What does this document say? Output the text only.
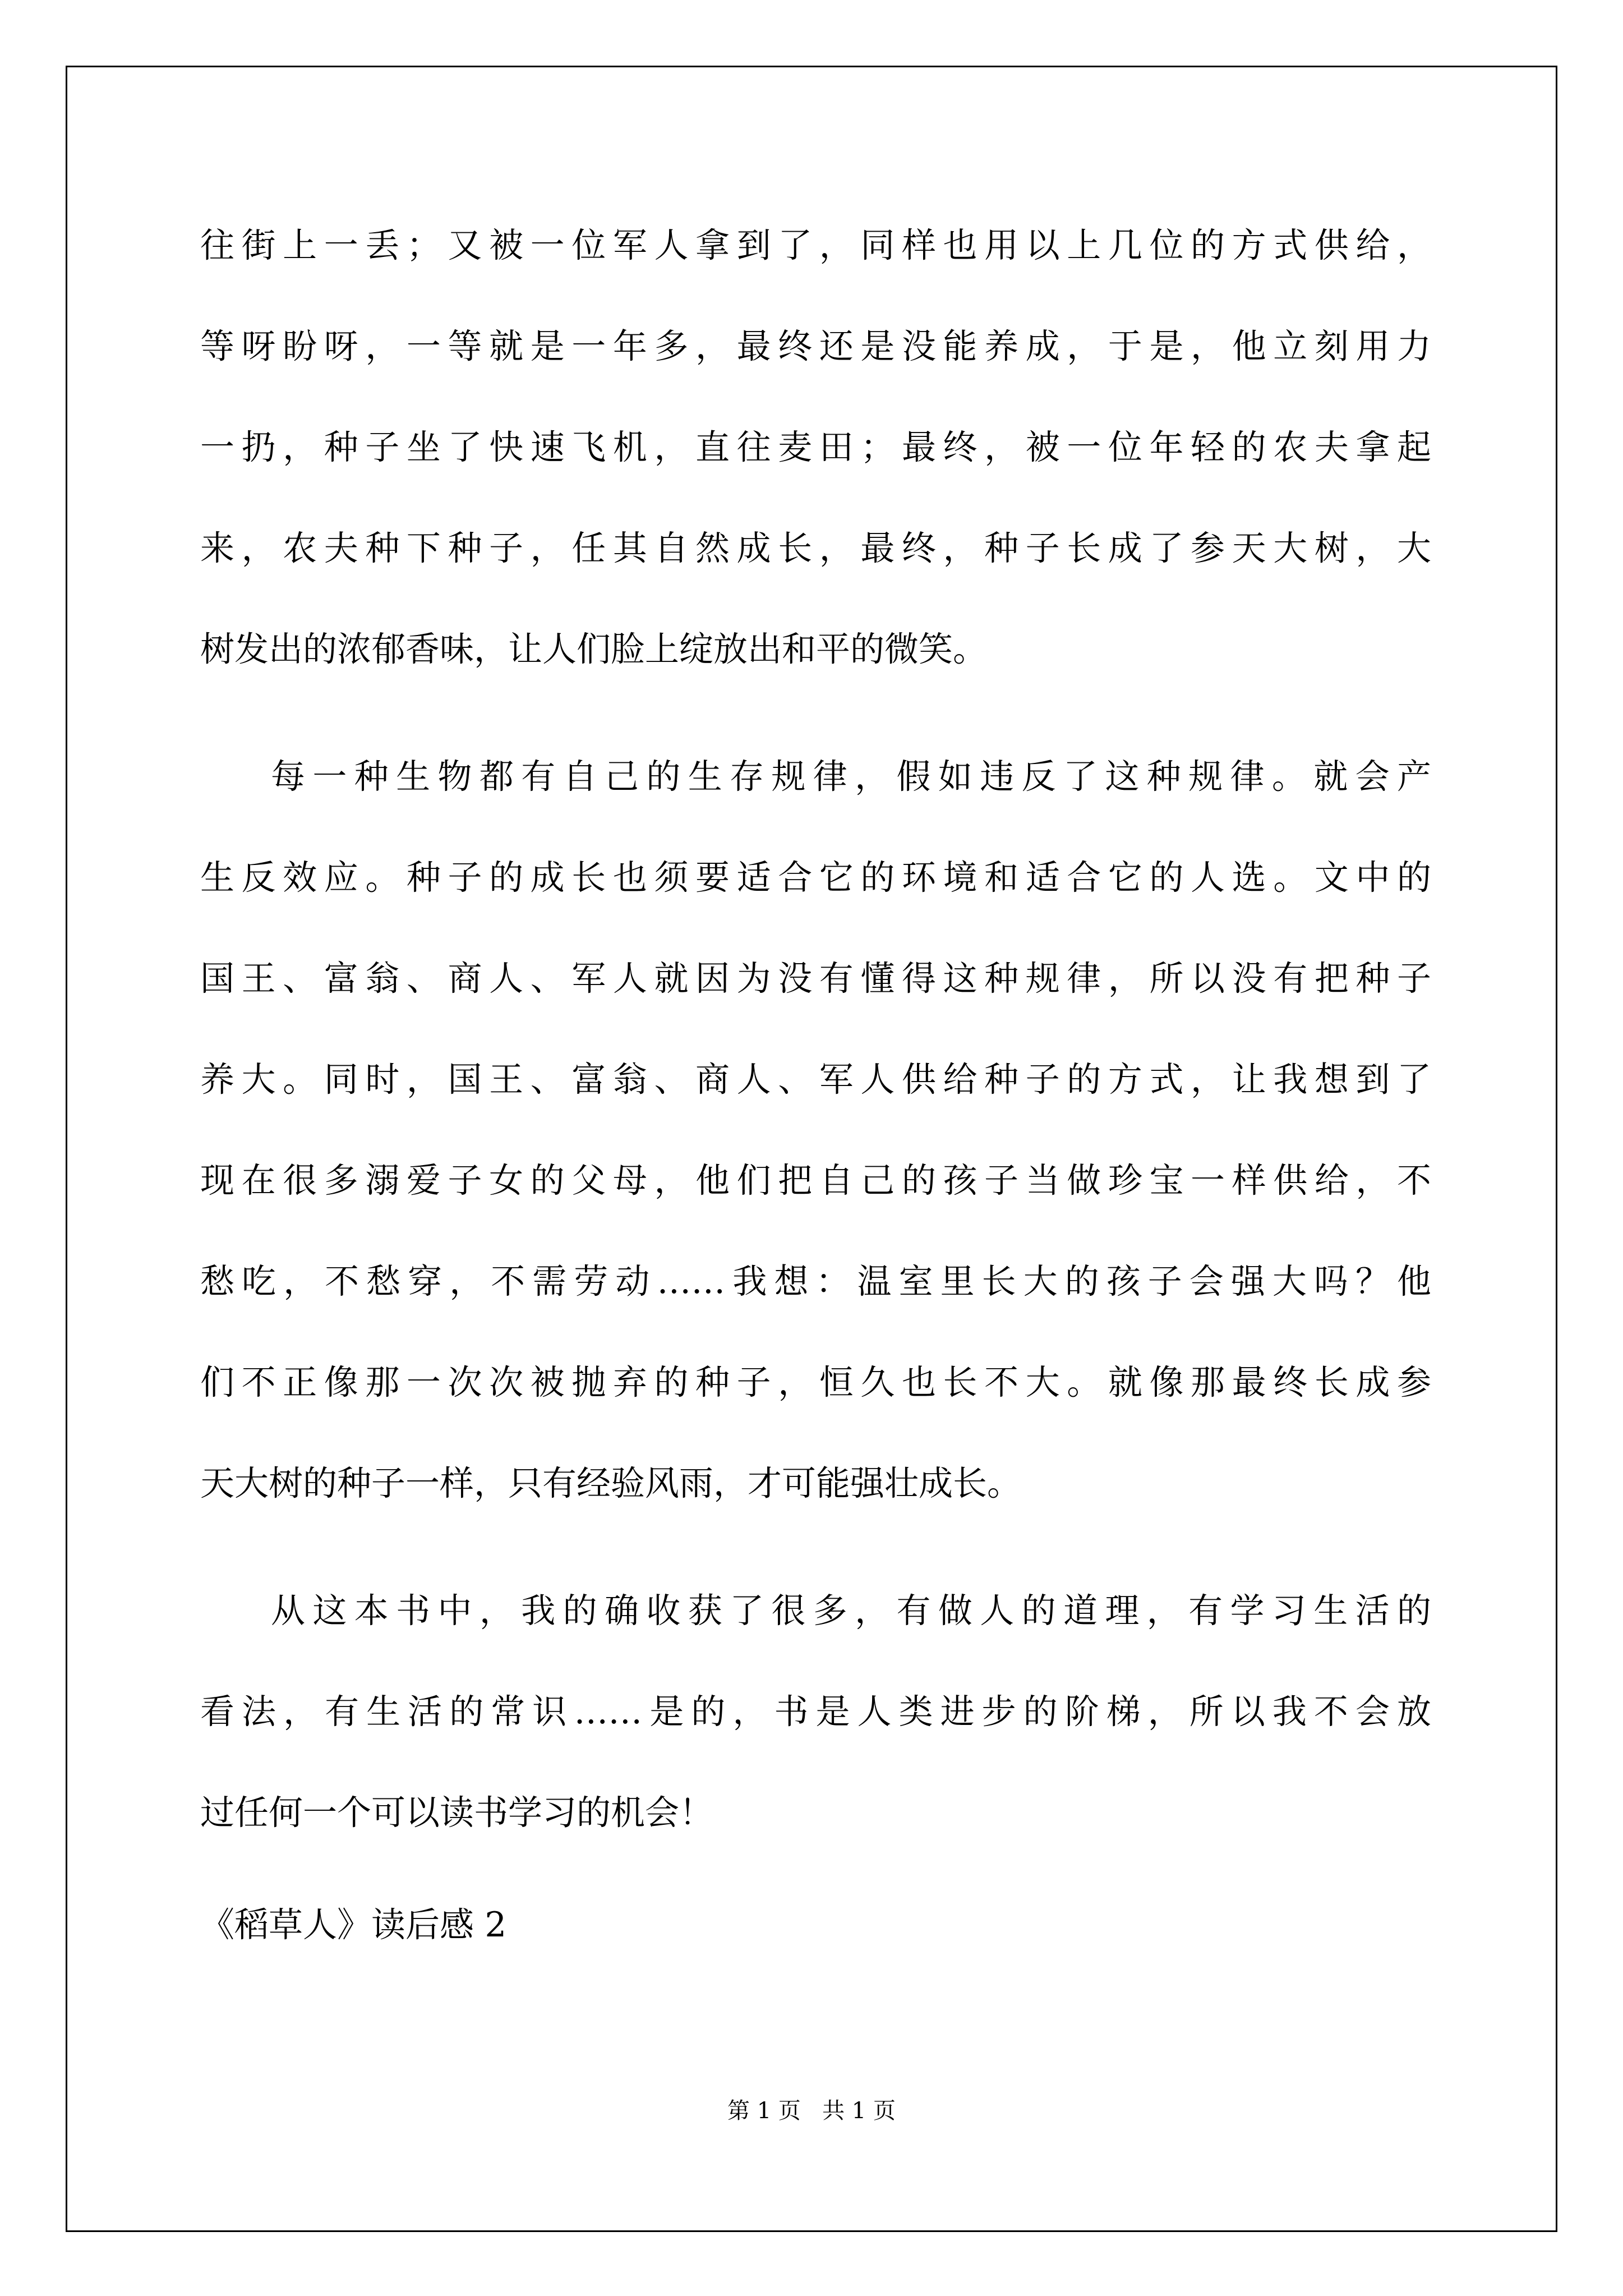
往街上一丢；又被一位军人拿到了，同样也用以上几位的方式供给，
等呀盼呀，一等就是一年多，最终还是没能养成，于是，他立刻用力
一扔，种子坐了快速飞机，直往麦田；最终，被一位年轻的农夫拿起
来，农夫种下种子，任其自然成长，最终，种子长成了参天大树，大
树发出的浓郁香味，让人们脸上绽放出和平的微笑。
每一种生物都有自己的生存规律，假如违反了这种规律。就会产
生反效应。种子的成长也须要适合它的环境和适合它的人选。文中的
国王、富翁、商人、军人就因为没有懂得这种规律，所以没有把种子
养大。同时，国王、富翁、商人、军人供给种子的方式，让我想到了
现在很多溺爱子女的父母，他们把自己的孩子当做珍宝一样供给，不
愁吃，不愁穿，不需劳动……我想：温室里长大的孩子会强大吗？他
们不正像那一次次被抛弃的种子，恒久也长不大。就像那最终长成参
天大树的种子一样，只有经验风雨，才可能强壮成长。
从这本书中，我的确收获了很多，有做人的道理，有学习生活的
看法，有生活的常识……是的，书是人类进步的阶梯，所以我不会放
过任何一个可以读书学习的机会！
《稻草人》读后感 2
第 1 页   共 1 页
